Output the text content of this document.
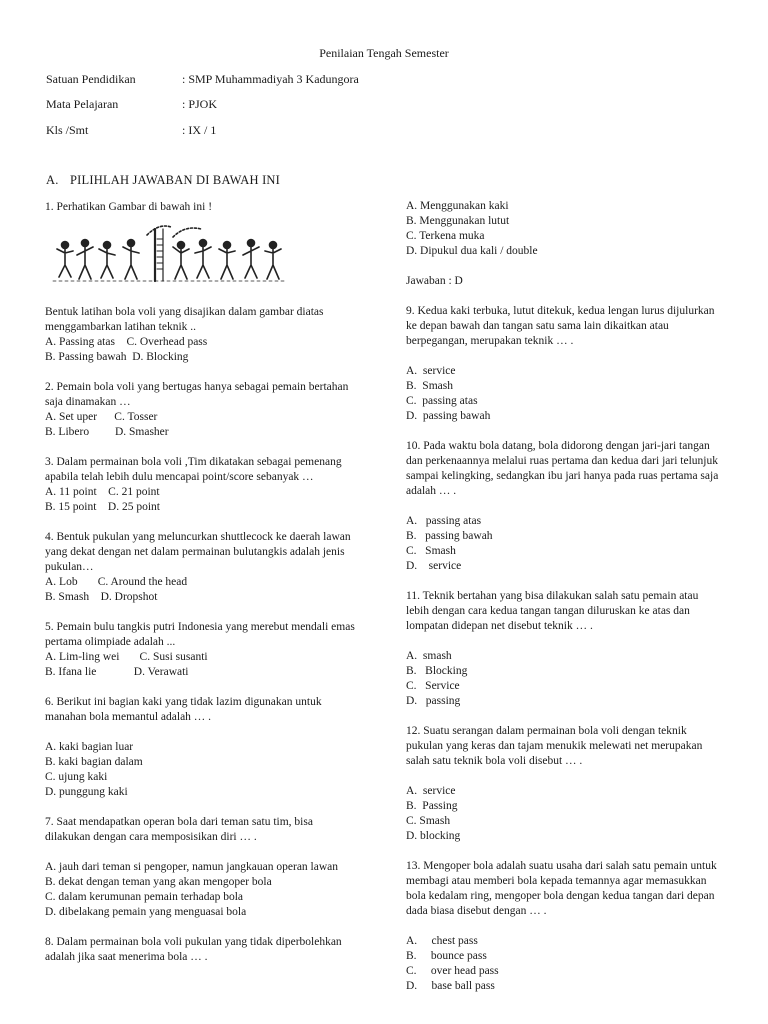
Penilaian Tengah Semester
Satuan Pendidikan	: SMP Muhammadiyah 3 Kadungora
Mata Pelajaran	: PJOK
Kls /Smt	: IX / 1
A. PILIHLAH JAWABAN DI BAWAH INI
1. Perhatikan Gambar di bawah ini !
Bentuk latihan bola voli yang disajikan dalam gambar diatas menggambarkan latihan teknik ..
A. Passing atas    C. Overhead pass
B. Passing bawah  D. Blocking
2. Pemain bola voli yang bertugas hanya sebagai pemain bertahan saja dinamakan …
A. Set uper      C. Tosser
B. Libero         D. Smasher
3. Dalam permainan bola voli ,Tim dikatakan sebagai pemenang apabila telah lebih dulu mencapai point/score sebanyak …
A. 11 point    C. 21 point
B. 15 point    D. 25 point
4. Bentuk pukulan yang meluncurkan shuttlecock ke daerah lawan yang dekat dengan net dalam permainan bulutangkis adalah jenis pukulan…
A. Lob       C. Around the head
B. Smash    D. Dropshot
5. Pemain bulu tangkis putri Indonesia yang merebut mendali emas pertama olimpiade adalah ...
A. Lim-ling wei       C. Susi susanti
B. Ifana lie             D. Verawati
6. Berikut ini bagian kaki yang tidak lazim digunakan untuk manahan bola memantul adalah … .
A. kaki bagian luar
B. kaki bagian dalam
C. ujung kaki
D. punggung kaki
7. Saat mendapatkan operan bola dari teman satu tim, bisa dilakukan dengan cara memposisikan diri … .
A. jauh dari teman si pengoper, namun jangkauan operan lawan
B. dekat dengan teman yang akan mengoper bola
C. dalam kerumunan pemain terhadap bola
D. dibelakang pemain yang menguasai bola
8. Dalam permainan bola voli pukulan yang tidak diperbolehkan adalah jika saat menerima bola … .
A. Menggunakan kaki
B. Menggunakan lutut
C. Terkena muka
D. Dipukul dua kali / double
Jawaban : D
9. Kedua kaki terbuka, lutut ditekuk, kedua lengan lurus dijulurkan ke depan bawah dan tangan satu sama lain dikaitkan atau berpegangan, merupakan teknik … .
A.  service
B.  Smash
C.  passing atas
D.  passing bawah
10. Pada waktu bola datang, bola didorong dengan jari-jari tangan dan perkenaannya melalui ruas pertama dan kedua dari jari telunjuk sampai kelingking, sedangkan ibu jari hanya pada ruas pertama saja adalah … .
A.   passing atas
B.   passing bawah
C.   Smash
D.    service
11. Teknik bertahan yang bisa dilakukan salah satu pemain atau lebih dengan cara kedua tangan tangan diluruskan ke atas dan lompatan didepan net disebut teknik … .
A.  smash
B.   Blocking
C.   Service
D.   passing
12. Suatu serangan dalam permainan bola voli dengan teknik pukulan yang keras dan tajam menukik melewati net merupakan salah satu teknik bola voli disebut … .
A.  service
B.  Passing
C. Smash
D. blocking
13. Mengoper bola adalah suatu usaha dari salah satu pemain untuk membagi atau memberi bola kepada temannya agar memasukkan bola kedalam ring, mengoper bola dengan kedua tangan dari depan dada biasa disebut dengan … .
A.     chest pass
B.     bounce pass
C.     over head pass
D.     base ball pass
